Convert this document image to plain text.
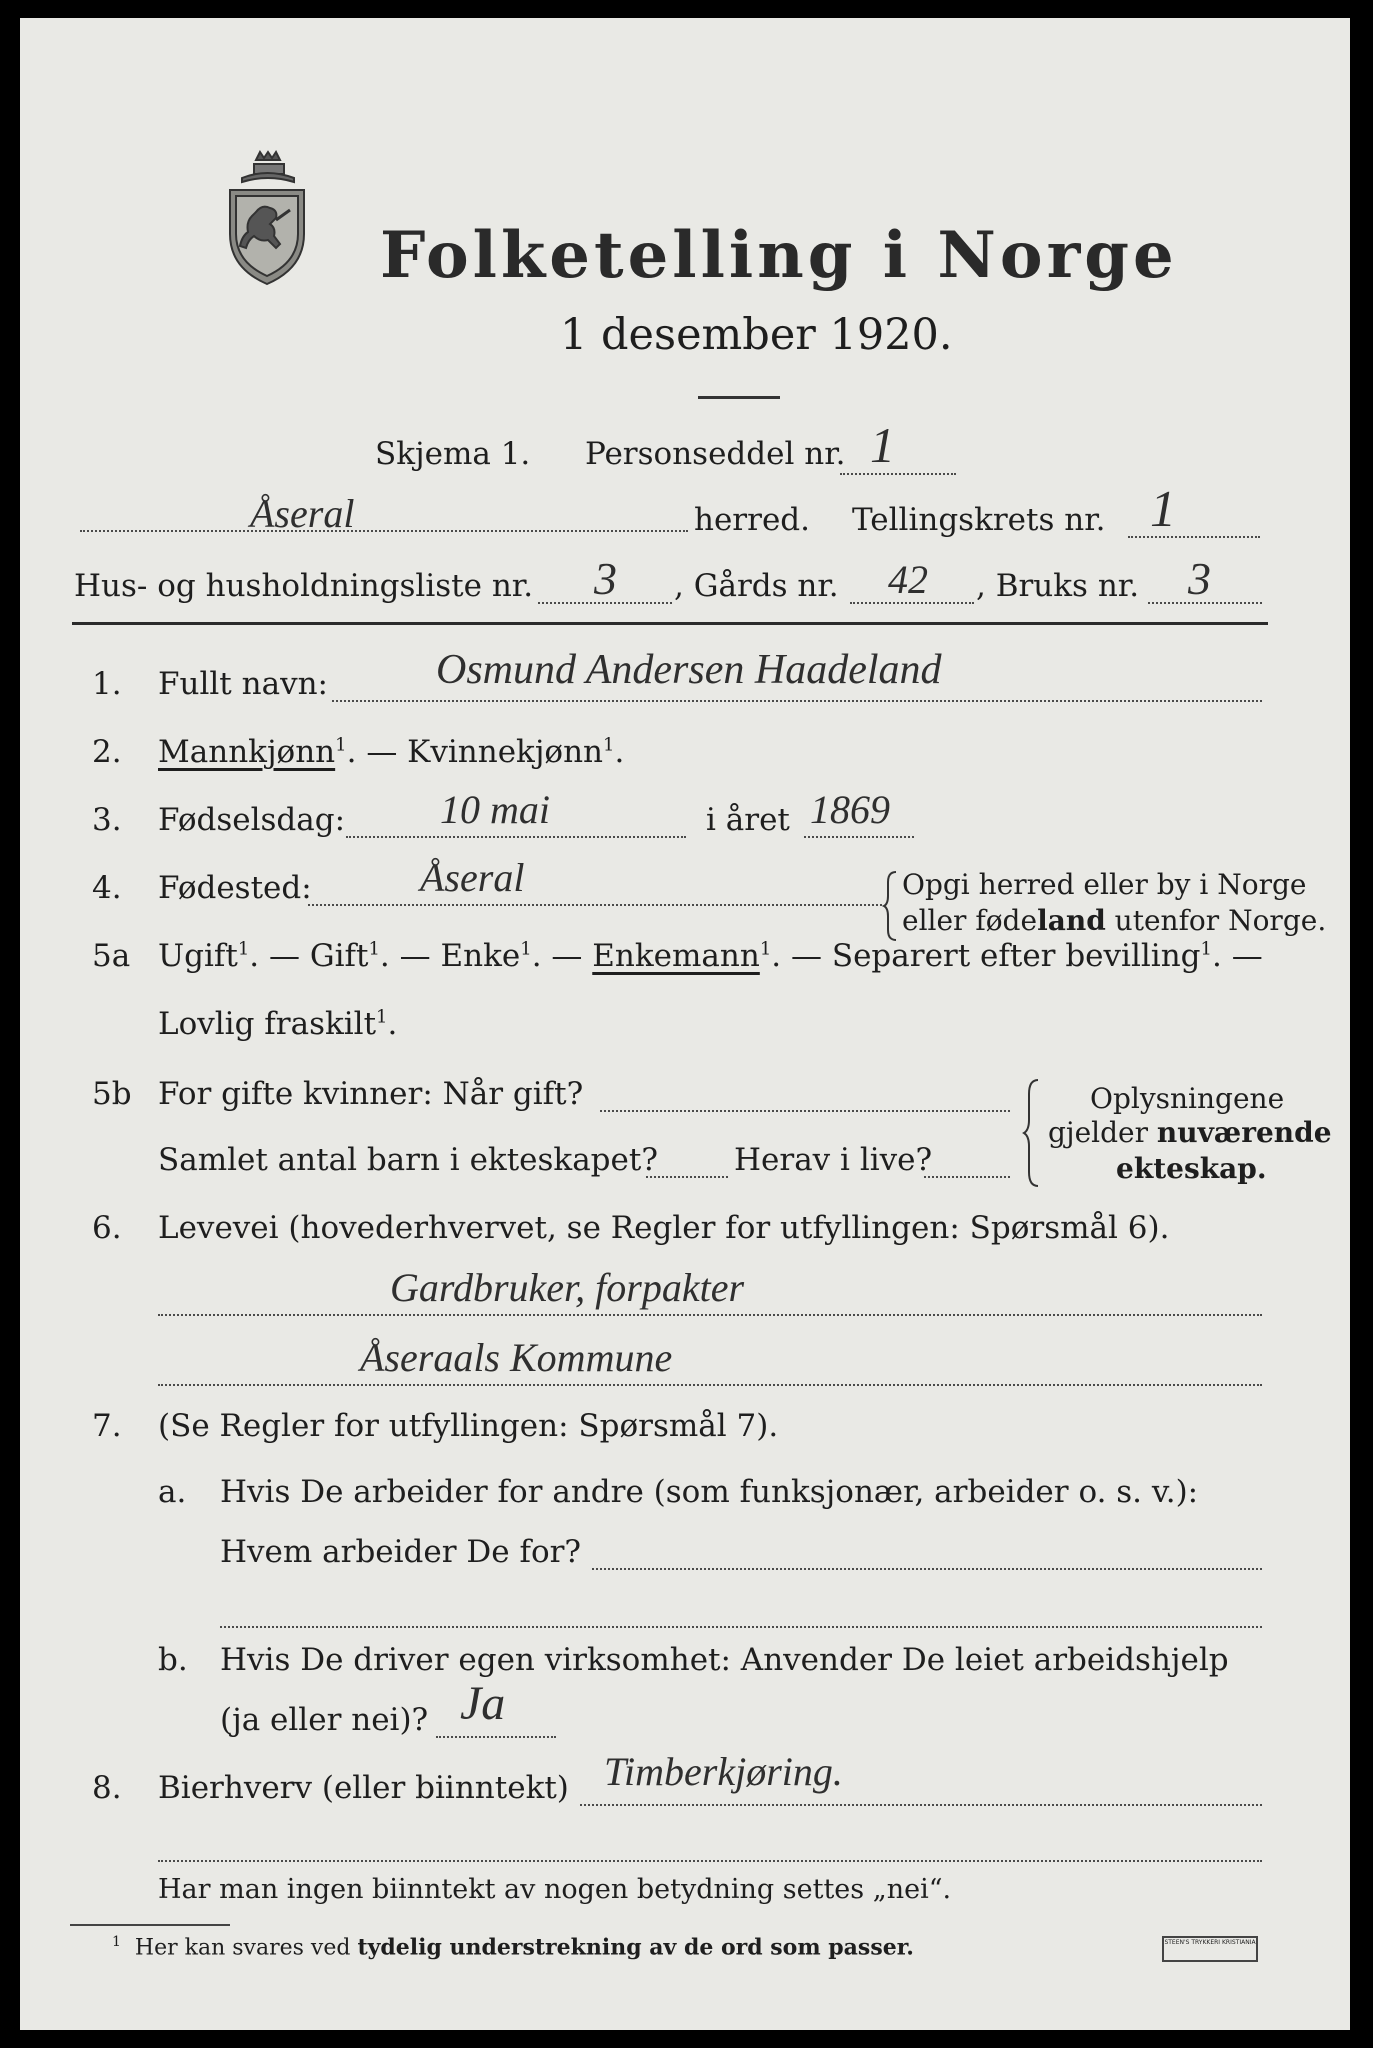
Folketelling i Norge
1 desember 1920.
Skjema 1. Personseddel nr. 1
Åseral	herred. Tellingskrets nr. 1
Hus- og husholdningsliste nr. 3 , Gårds nr. 42 , Bruks nr. 3
1. Fullt navn:	Osmund Andersen Haadeland
2. Mannkjønn$^1$. — Kvinnekjønn$^1$.
3. Fødselsdag: 10 mai	i året 1869
4. Fødested:	Åseral	Opgi herred eller by i Norge
eller fødeland utenfor Norge.
5a Ugift$^1$. — Gift$^1$. — Enke$^1$. — Enkemann$^1$. — Separert efter bevilling$^1$. —
Lovlig fraskilt$^1$.
5b For gifte kvinner: Når gift?
Samlet antal barn i ekteskapet? Herav i live?
Oplysningene
gjelder nuværende
ekteskap.
6. Levevei (hovederhvervet, se Regler for utfyllingen: Spørsmål 6).
Gardbruker, forpakter
Åseraals Kommune
7. (Se Regler for utfyllingen: Spørsmål 7).
a. Hvis De arbeider for andre (som funksjonær, arbeider o. s. v.):
Hvem arbeider De for?
b. Hvis De driver egen virksomhet: Anvender De leiet arbeidshjelp
(ja eller nei)? Ja
8. Bierhverv (eller biinntekt) Timberkjøring.
Har man ingen biinntekt av nogen betydning settes „nei“.
$^1$ Her kan svares ved tydelig understrekning av de ord som passer.	STEEN'S TRYKKERI KRISTIANIA
